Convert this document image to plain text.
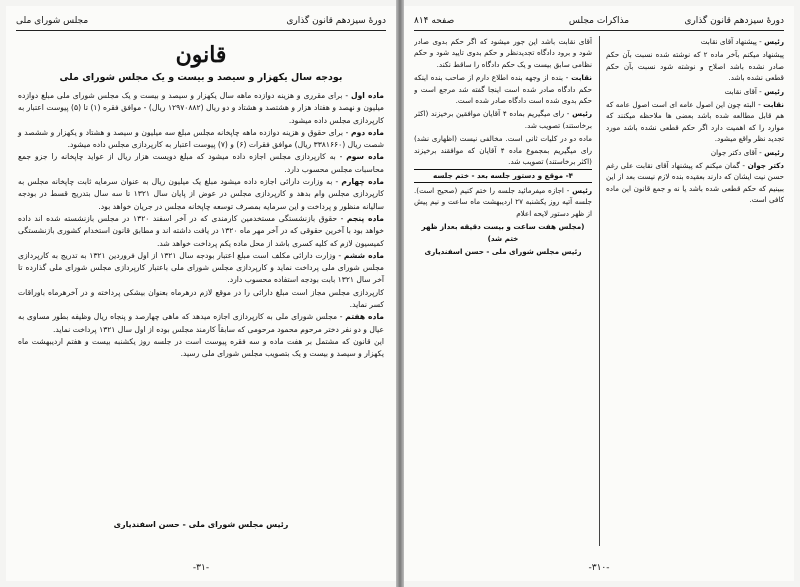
دورهٔ سیزدهم قانون گذاری
مجلس شورای ملی
قانون
بودجه سال یکهزار و سیصد و بیست و یک مجلس شورای ملی

ماده اول - برای مقرری و هزینه دوازده ماهه سال یکهزار و سیصد و بیست و یک مجلس شورای ملی مبلغ دوازده میلیون و نهصد و هفتاد هزار و هشتصد و هشتاد و دو ریال (۱۲۹۷۰۸۸۲ ریال) - موافق فقره (۱) تا (۵) پیوست اعتبار به کارپردازی مجلس داده میشود.

ماده دوم - برای حقوق و هزینه دوازده ماهه چاپخانه مجلس مبلغ سه میلیون و سیصد و هشتاد و یکهزار و ششصد و شصت ریال (۳۳۸۱۶۶۰ ریال) موافق فقرات (۶) و (۷) پیوست اعتبار به کارپردازی مجلس داده میشود.

ماده سوم - به کارپردازی مجلس اجازه داده میشود که مبلغ دویست هزار ریال از عواید چاپخانه را جزو جمع محاسبات مجلس محسوب دارد.

ماده چهارم - به وزارت دارائی اجازه داده میشود مبلغ یک میلیون ریال به عنوان سرمایه ثابت چاپخانه مجلس به کارپردازی مجلس وام بدهد و کارپردازی مجلس در عوض از پایان سال ۱۳۲۱ تا سه سال بتدریج قسط در بودجه سالیانه منظور و پرداخت و این سرمایه بمصرف توسعه چاپخانه مجلس در جریان خواهد بود.

ماده پنجم - حقوق بازنشستگی مستخدمین کارمندی که در آخر اسفند ۱۳۲۰ در مجلس بازنشسته شده اند داده خواهد بود با آخرین حقوقی که در آخر مهر ماه ۱۳۲۰ در یافت داشته اند و مطابق قانون استخدام کشوری بازنشستگی کمیسیون لازم که کلیه کسری باشد از محل ماده یکم پرداخت خواهد شد.

ماده ششم - وزارت دارائی مکلف است مبلغ اعتبار بودجه سال ۱۳۲۱ از اول فروردین ۱۳۲۱ به تدریج به کارپردازی مجلس شورای ملی پرداخت نماید و کارپردازی مجلس شورای ملی باعتبار کارپردازی مجلس شورای ملی گذارده تا آخر سال ۱۳۲۱ بابت بودجه استفاده محسوب دارد.

کارپردازی مجلس مجاز است مبلغ دارائی را در موقع لازم درهرماه بعنوان بیشکی پرداخته و در آخرهرماه باوراقات کسر نماید.

ماده هفتم - مجلس شورای ملی به کارپردازی اجازه میدهد که ماهی چهارصد و پنجاه ریال وظیفه بطور مساوی به عیال و دو نفر دختر مرحوم محمود مرحومی که سابقاً کارمند مجلس بوده از اول سال ۱۳۲۱ پرداخت نماید.

این قانون که مشتمل بر هفت ماده و سه فقره پیوست است در جلسه روز یکشنبه بیست و هفتم اردیبهشت ماه یکهزار و سیصد و بیست و یک بتصویب مجلس شورای ملی رسید.

رئیس مجلس شورای ملی - حسن اسفندیاری
-۳۱-
دورهٔ سیزدهم قانون گذاری
مذاکرات مجلس
صفحه ۸۱۴

رئیس - پیشنهاد آقای نقابت

پیشنهاد میکنم بآخر ماده ۲ که نوشته شده نسبت بآن حکم صادر نشده باشد اصلاح و نوشته شود نسبت بآن حکم قطعی نشده باشد.

رئیس - آقای نقابت

نقابت - البته چون این اصول عامه ای است اصول عامه که هم قابل مطالعه شده باشد بعضی ها ملاحظه میکنند که موارد را که اهمیت دارد اگر حکم قطعی نشده باشد مورد تجدید نظر واقع میشود.

رئیس - آقای دکتر جوان

دکتر جوان - گمان میکنم که پیشنهاد آقای نقابت علی رغم حسن نیت ایشان که دارند بعقیده بنده لازم نیست بعد از این ببینیم که حکم قطعی شده باشد یا نه و جمع قانون این ماده کافی است.

آقای نقابت باشد این جور میشود که اگر حکم بدوی صادر شود و برود دادگاه تجدیدنظر و حکم بدوی تایید شود و حکم نظامی سابق بیست و یک حکم دادگاه را ساقط نکند.

نقابت - بنده از وجهه بنده اطلاع دارم از صاحب بنده اینکه حکم دادگاه صادر شده است اینجا گفته شد مرجع است و حکم بدوی شده است دادگاه صادر شده است.

رئیس - رای میگیریم بماده ۴ آقایان موافقین برخیزند (اکثر برخاستند) تصویب شد.

ماده دو در کلیات ثانی است. مخالفی نیست (اظهاری نشد) رای میگیریم بمجموع ماده ۴ آقایان که موافقند برخیزند (اکثر برخاستند) تصویب شد.

۴- موقع و دستور جلسه بعد - ختم جلسه

رئیس - اجازه میفرمائید جلسه را ختم کنیم (صحیح است). جلسه آتیه روز یکشنبه ۲۷ اردیبهشت ماه ساعت و نیم پیش از ظهر دستور لایحه اعلام

(مجلس هفت ساعت و بیست دقیقه بعداز ظهر ختم شد)

رئیس مجلس شورای ملی - حسن اسفندیاری

-۳۱۰-
